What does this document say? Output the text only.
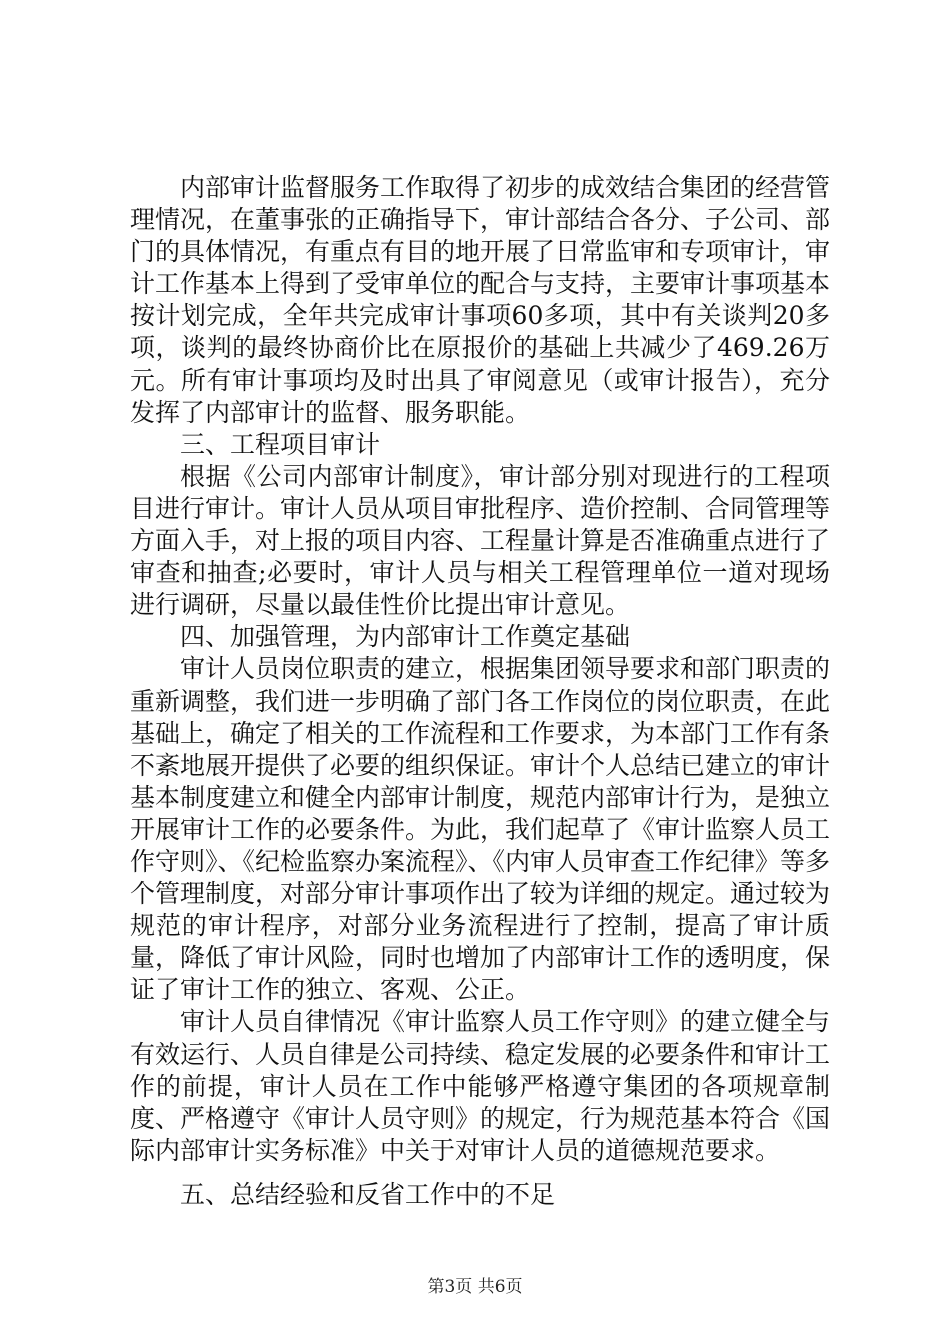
内部审计监督服务工作取得了初步的成效结合集团的经营管理情况，在董事张的正确指导下，审计部结合各分、子公司、部门的具体情况，有重点有目的地开展了日常监审和专项审计，审计工作基本上得到了受审单位的配合与支持，主要审计事项基本按计划完成，全年共完成审计事项60多项，其中有关谈判20多项，谈判的最终协商价比在原报价的基础上共减少了469.26万元。所有审计事项均及时出具了审阅意见（或审计报告），充分发挥了内部审计的监督、服务职能。

三、工程项目审计

根据《公司内部审计制度》，审计部分别对现进行的工程项目进行审计。审计人员从项目审批程序、造价控制、合同管理等方面入手，对上报的项目内容、工程量计算是否准确重点进行了审查和抽查;必要时，审计人员与相关工程管理单位一道对现场进行调研，尽量以最佳性价比提出审计意见。

四、加强管理，为内部审计工作奠定基础

审计人员岗位职责的建立，根据集团领导要求和部门职责的重新调整，我们进一步明确了部门各工作岗位的岗位职责，在此基础上，确定了相关的工作流程和工作要求，为本部门工作有条不紊地展开提供了必要的组织保证。审计个人总结已建立的审计基本制度建立和健全内部审计制度，规范内部审计行为，是独立开展审计工作的必要条件。为此，我们起草了《审计监察人员工作守则》、《纪检监察办案流程》、《内审人员审查工作纪律》等多个管理制度，对部分审计事项作出了较为详细的规定。通过较为规范的审计程序，对部分业务流程进行了控制，提高了审计质量，降低了审计风险，同时也增加了内部审计工作的透明度，保证了审计工作的独立、客观、公正。

审计人员自律情况《审计监察人员工作守则》的建立健全与有效运行、人员自律是公司持续、稳定发展的必要条件和审计工作的前提，审计人员在工作中能够严格遵守集团的各项规章制度、严格遵守《审计人员守则》的规定，行为规范基本符合《国际内部审计实务标准》中关于对审计人员的道德规范要求。

五、总结经验和反省工作中的不足

第3页 共6页
